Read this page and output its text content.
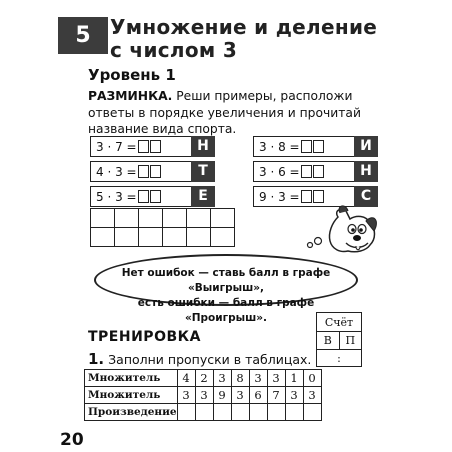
5 Умножение и деление
с числом 3
Уровень 1
РАЗМИНКА. Реши примеры, расположи ответы в порядке увеличения и прочитай название вида спорта.
3 · 7 =	Н
4 · 3 =	Т
5 · 3 =	Е
3 · 8 =	И
3 · 6 =	Н
9 · 3 =	С

Нет ошибок — ставь балл в графе «Выигрыш»,
есть ошибки — балл в графе «Проигрыш».
ТРЕНИРОВКА
1. Заполни пропуски в таблицах.
Счёт
В	П
:
Множитель	4	2	3	8	3	3	1	0
Множитель	3	3	9	3	6	7	3	3
Произведение								
20
